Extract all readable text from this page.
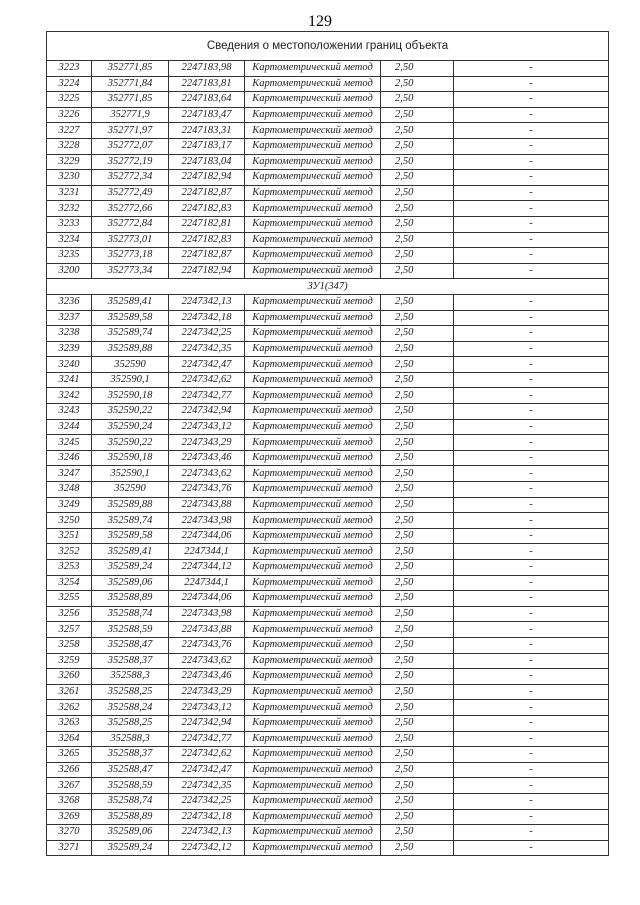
129
Сведения о местоположении границ объекта					
3223	352771,85	2247183,98	Картометрический метод	2,50	-
3224	352771,84	2247183,81	Картометрический метод	2,50	-
3225	352771,85	2247183,64	Картометрический метод	2,50	-
3226	352771,9	2247183,47	Картометрический метод	2,50	-
3227	352771,97	2247183,31	Картометрический метод	2,50	-
3228	352772,07	2247183,17	Картометрический метод	2,50	-
3229	352772,19	2247183,04	Картометрический метод	2,50	-
3230	352772,34	2247182,94	Картометрический метод	2,50	-
3231	352772,49	2247182,87	Картометрический метод	2,50	-
3232	352772,66	2247182,83	Картометрический метод	2,50	-
3233	352772,84	2247182,81	Картометрический метод	2,50	-
3234	352773,01	2247182,83	Картометрический метод	2,50	-
3235	352773,18	2247182,87	Картометрический метод	2,50	-
3200	352773,34	2247182,94	Картометрический метод	2,50	-
ЗУ1(347)					
3236	352589,41	2247342,13	Картометрический метод	2,50	-
3237	352589,58	2247342,18	Картометрический метод	2,50	-
3238	352589,74	2247342,25	Картометрический метод	2,50	-
3239	352589,88	2247342,35	Картометрический метод	2,50	-
3240	352590	2247342,47	Картометрический метод	2,50	-
3241	352590,1	2247342,62	Картометрический метод	2,50	-
3242	352590,18	2247342,77	Картометрический метод	2,50	-
3243	352590,22	2247342,94	Картометрический метод	2,50	-
3244	352590,24	2247343,12	Картометрический метод	2,50	-
3245	352590,22	2247343,29	Картометрический метод	2,50	-
3246	352590,18	2247343,46	Картометрический метод	2,50	-
3247	352590,1	2247343,62	Картометрический метод	2,50	-
3248	352590	2247343,76	Картометрический метод	2,50	-
3249	352589,88	2247343,88	Картометрический метод	2,50	-
3250	352589,74	2247343,98	Картометрический метод	2,50	-
3251	352589,58	2247344,06	Картометрический метод	2,50	-
3252	352589,41	2247344,1	Картометрический метод	2,50	-
3253	352589,24	2247344,12	Картометрический метод	2,50	-
3254	352589,06	2247344,1	Картометрический метод	2,50	-
3255	352588,89	2247344,06	Картометрический метод	2,50	-
3256	352588,74	2247343,98	Картометрический метод	2,50	-
3257	352588,59	2247343,88	Картометрический метод	2,50	-
3258	352588,47	2247343,76	Картометрический метод	2,50	-
3259	352588,37	2247343,62	Картометрический метод	2,50	-
3260	352588,3	2247343,46	Картометрический метод	2,50	-
3261	352588,25	2247343,29	Картометрический метод	2,50	-
3262	352588,24	2247343,12	Картометрический метод	2,50	-
3263	352588,25	2247342,94	Картометрический метод	2,50	-
3264	352588,3	2247342,77	Картометрический метод	2,50	-
3265	352588,37	2247342,62	Картометрический метод	2,50	-
3266	352588,47	2247342,47	Картометрический метод	2,50	-
3267	352588,59	2247342,35	Картометрический метод	2,50	-
3268	352588,74	2247342,25	Картометрический метод	2,50	-
3269	352588,89	2247342,18	Картометрический метод	2,50	-
3270	352589,06	2247342,13	Картометрический метод	2,50	-
3271	352589,24	2247342,12	Картометрический метод	2,50	-
